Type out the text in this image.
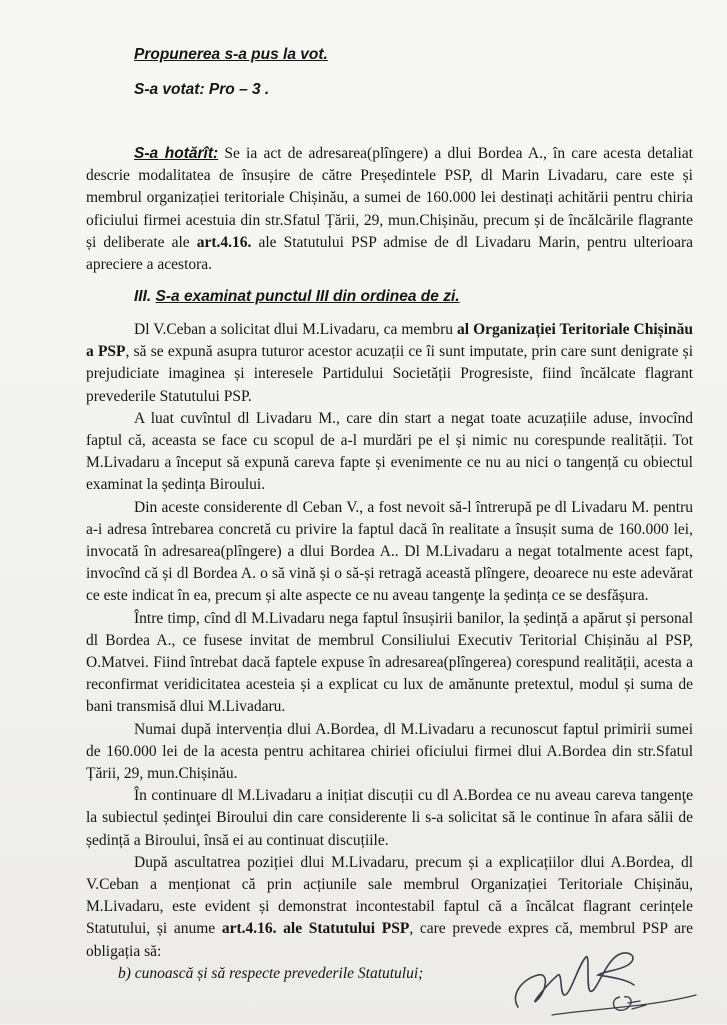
Propunerea s-a pus la vot.
S-a votat: Pro – 3 .

S-a hotărît: Se ia act de adresarea(plîngere) a dlui Bordea A., în care acesta detaliat descrie modalitatea de însușire de către Președintele PSP, dl Marin Livadaru, care este și membrul organizației teritoriale Chișinău, a sumei de 160.000 lei destinați achitării pentru chiria oficiului firmei acestuia din str.Sfatul Țării, 29, mun.Chișinău, precum și de încălcările flagrante și deliberate ale art.4.16. ale Statutului PSP admise de dl Livadaru Marin, pentru ulterioara apreciere a acestora.

III. S-a examinat punctul III din ordinea de zi.

Dl V.Ceban a solicitat dlui M.Livadaru, ca membru al Organizației Teritoriale Chișinău a PSP, să se expună asupra tuturor acestor acuzații ce îi sunt imputate, prin care sunt denigrate și prejudiciate imaginea și interesele Partidului Societății Progresiste, fiind încălcate flagrant prevederile Statutului PSP.

A luat cuvîntul dl Livadaru M., care din start a negat toate acuzațiile aduse, invocînd faptul că, aceasta se face cu scopul de a-l murdări pe el și nimic nu corespunde realității. Tot M.Livadaru a început să expună careva fapte și evenimente ce nu au nici o tangență cu obiectul examinat la ședința Biroului.

Din aceste considerente dl Ceban V., a fost nevoit să-l întrerupă pe dl Livadaru M. pentru a-i adresa întrebarea concretă cu privire la faptul dacă în realitate a însușit suma de 160.000 lei, invocată în adresarea(plîngere) a dlui Bordea A.. Dl M.Livadaru a negat totalmente acest fapt, invocînd că și dl Bordea A. o să vină și o să-și retragă această plîngere, deoarece nu este adevărat ce este indicat în ea, precum și alte aspecte ce nu aveau tangenţe la ședința ce se desfășura.

Între timp, cînd dl M.Livadaru nega faptul însușirii banilor, la ședință a apărut și personal dl Bordea A., ce fusese invitat de membrul Consiliului Executiv Teritorial Chișinău al PSP, O.Matvei. Fiind întrebat dacă faptele expuse în adresarea(plîngerea) corespund realității, acesta a reconfirmat veridicitatea acesteia și a explicat cu lux de amănunte pretextul, modul și suma de bani transmisă dlui M.Livadaru.

Numai după intervenția dlui A.Bordea, dl M.Livadaru a recunoscut faptul primirii sumei de 160.000 lei de la acesta pentru achitarea chiriei oficiului firmei dlui A.Bordea din str.Sfatul Țării, 29, mun.Chișinău.

În continuare dl M.Livadaru a inițiat discuții cu dl A.Bordea ce nu aveau careva tangenţe la subiectul ședinţei Biroului din care considerente li s-a solicitat să le continue în afara sălii de ședință a Biroului, însă ei au continuat discuțiile.

După ascultatrea poziției dlui M.Livadaru, precum și a explicațiilor dlui A.Bordea, dl V.Ceban a menționat că prin acțiunile sale membrul Organizației Teritoriale Chișinău, M.Livadaru, este evident și demonstrat incontestabil faptul că a încălcat flagrant cerințele Statutului, și anume art.4.16. ale Statutului PSP, care prevede expres că, membrul PSP are obligația să:

b) cunoască și să respecte prevederile Statutului;
